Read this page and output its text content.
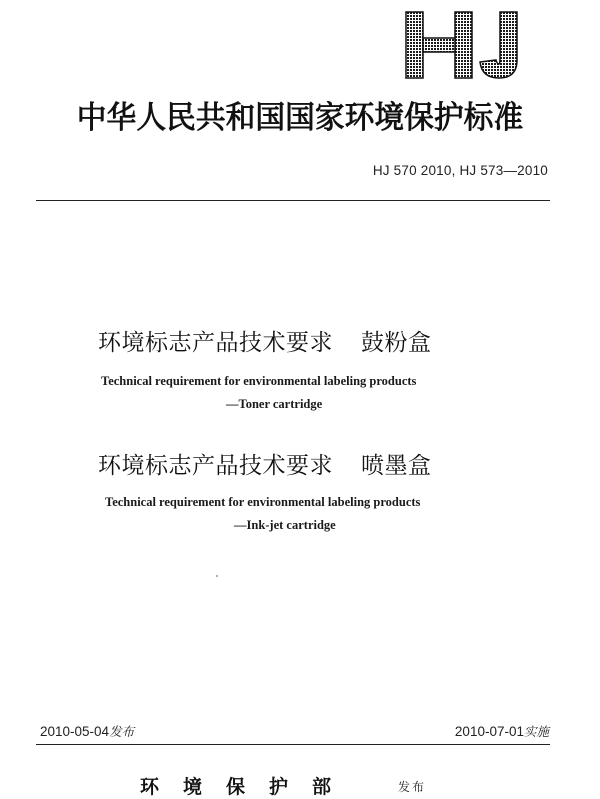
中华人民共和国国家环境保护标准
HJ 570 2010, HJ 573—2010
环境标志产品技术要求 鼓粉盒
Technical requirement for environmental labeling products
—Toner cartridge
环境标志产品技术要求 喷墨盒
Technical requirement for environmental labeling products
—Ink-jet cartridge
2010-05-04发布	2010-07-01实施
环境保护部	发布
